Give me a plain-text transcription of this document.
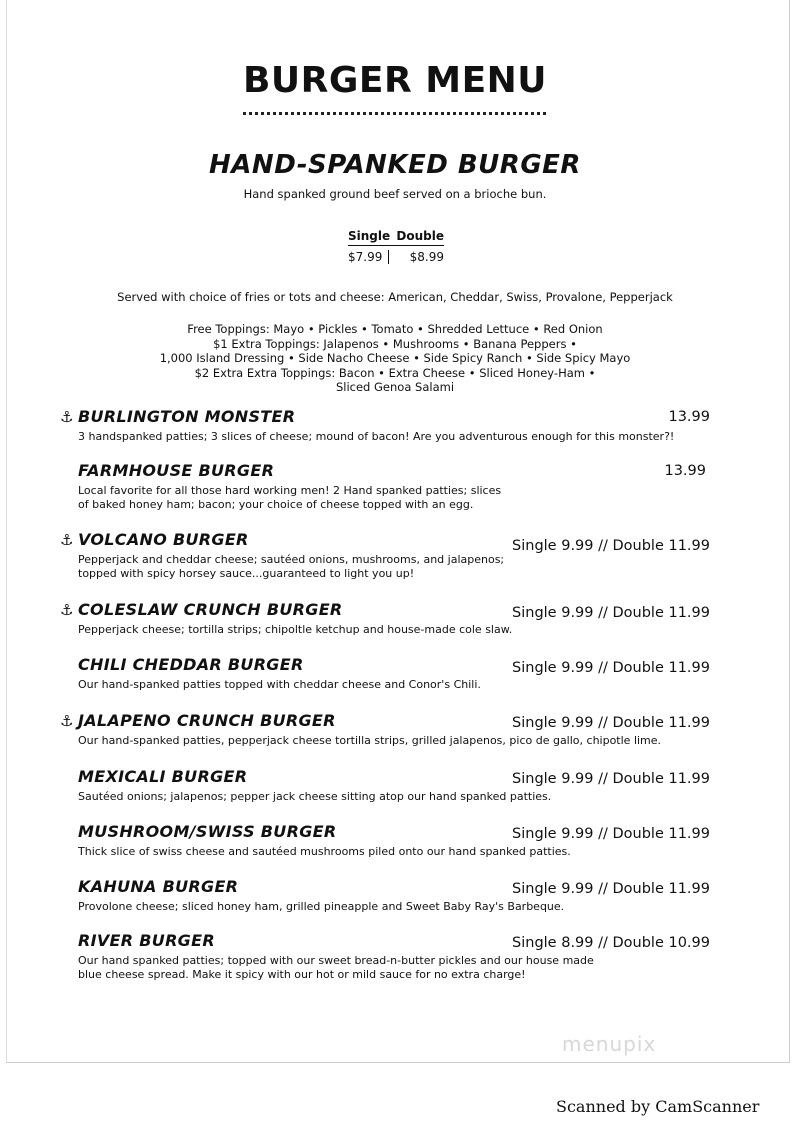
BURGER MENU
HAND-SPANKED BURGER
Hand spanked ground beef served on a brioche bun.
Single Double
$7.99	$8.99
Served with choice of fries or tots and cheese: American, Cheddar, Swiss, Provalone, Pepperjack
Free Toppings: Mayo • Pickles • Tomato • Shredded Lettuce • Red Onion
$1 Extra Toppings: Jalapenos • Mushrooms • Banana Peppers •
1,000 Island Dressing • Side Nacho Cheese • Side Spicy Ranch • Side Spicy Mayo
$2 Extra Extra Toppings: Bacon • Extra Cheese • Sliced Honey-Ham •
Sliced Genoa Salami
⚓ BURLINGTON MONSTER	13.99
3 handspanked patties; 3 slices of cheese; mound of bacon! Are you adventurous enough for this monster?!
FARMHOUSE BURGER	13.99
Local favorite for all those hard working men! 2 Hand spanked patties; slices of baked honey ham; bacon; your choice of cheese topped with an egg.
⚓ VOLCANO BURGER	Single 9.99 // Double 11.99
Pepperjack and cheddar cheese; sautéed onions, mushrooms, and jalapenos; topped with spicy horsey sauce...guaranteed to light you up!
⚓ COLESLAW CRUNCH BURGER	Single 9.99 // Double 11.99
Pepperjack cheese; tortilla strips; chipoltle ketchup and house-made cole slaw.
CHILI CHEDDAR BURGER	Single 9.99 // Double 11.99
Our hand-spanked patties topped with cheddar cheese and Conor's Chili.
⚓ JALAPENO CRUNCH BURGER	Single 9.99 // Double 11.99
Our hand-spanked patties, pepperjack cheese tortilla strips, grilled jalapenos, pico de gallo, chipotle lime.
MEXICALI BURGER	Single 9.99 // Double 11.99
Sautéed onions; jalapenos; pepper jack cheese sitting atop our hand spanked patties.
MUSHROOM/SWISS BURGER	Single 9.99 // Double 11.99
Thick slice of swiss cheese and sautéed mushrooms piled onto our hand spanked patties.
KAHUNA BURGER	Single 9.99 // Double 11.99
Provolone cheese; sliced honey ham, grilled pineapple and Sweet Baby Ray's Barbeque.
RIVER BURGER	Single 8.99 // Double 10.99
Our hand spanked patties; topped with our sweet bread-n-butter pickles and our house made blue cheese spread. Make it spicy with our hot or mild sauce for no extra charge!
menupix
Scanned by CamScanner
